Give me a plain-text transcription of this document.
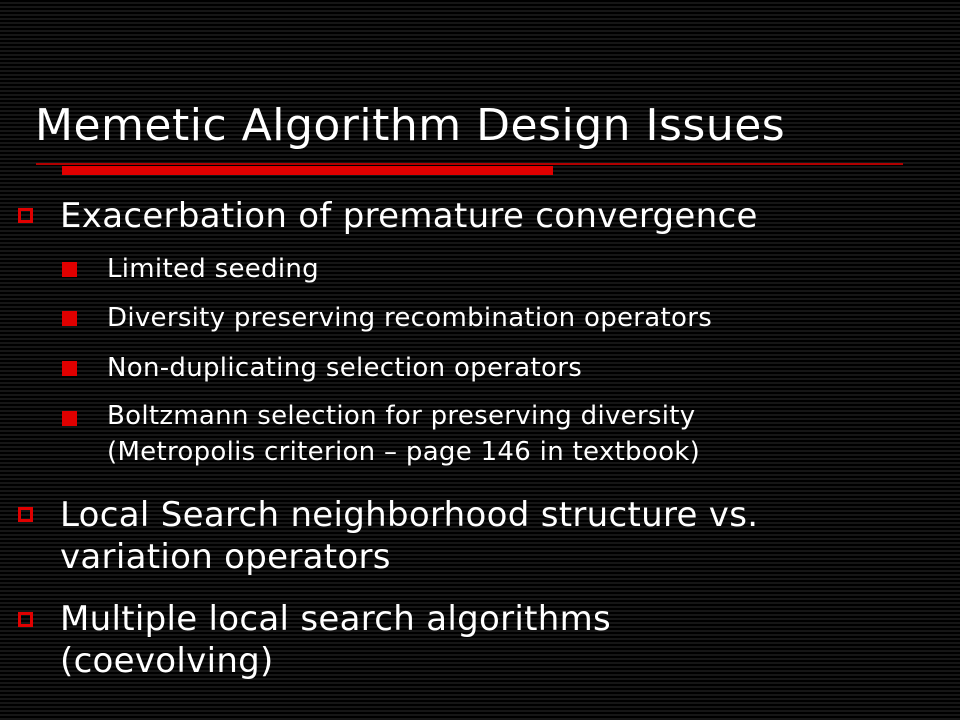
Memetic Algorithm Design Issues
Exacerbation of premature convergence
Limited seeding
Diversity preserving recombination operators
Non-duplicating selection operators
Boltzmann selection for preserving diversity
(Metropolis criterion – page 146 in textbook)
Local Search neighborhood structure vs.
variation operators
Multiple local search algorithms
(coevolving)
